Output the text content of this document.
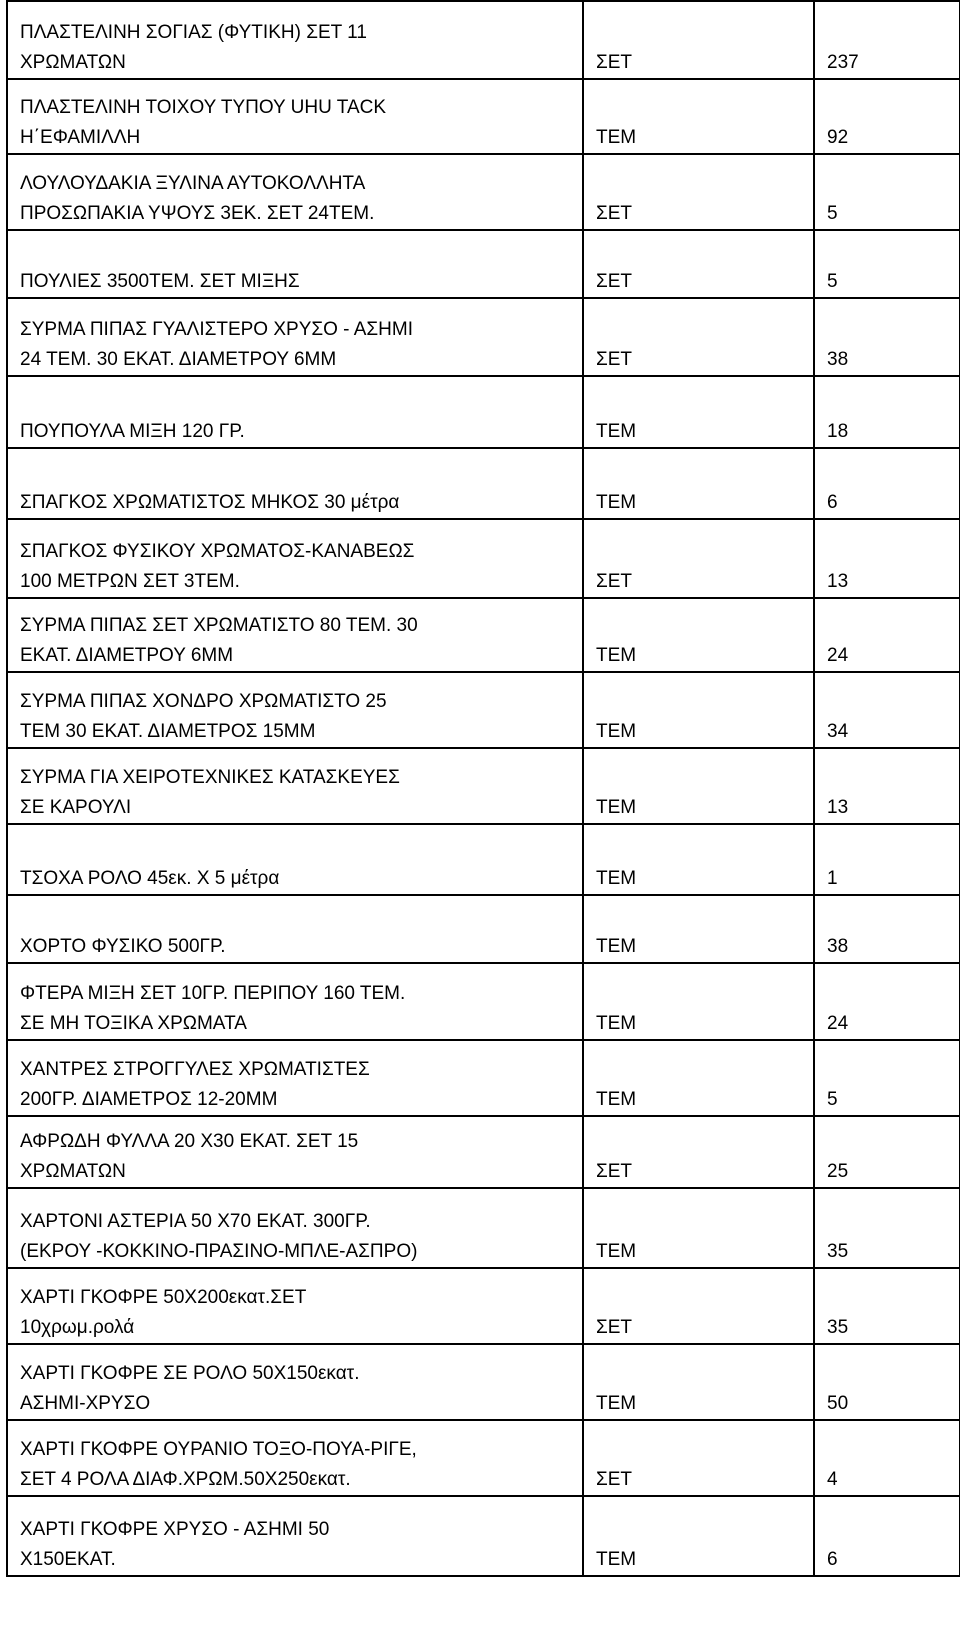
ΠΛΑΣΤΕΛΙΝΗ ΣΟΓΙΑΣ (ΦΥΤΙΚΗ) ΣΕΤ 11
ΧΡΩΜΑΤΩΝ	ΣΕΤ	237

ΠΛΑΣΤΕΛΙΝΗ ΤΟΙΧΟΥ ΤΥΠΟΥ UHU TACK
Η΄ΕΦΑΜΙΛΛΗ	ΤΕΜ	92

ΛΟΥΛΟΥΔΑΚΙΑ ΞΥΛΙΝΑ ΑΥΤΟΚΟΛΛΗΤΑ
ΠΡΟΣΩΠΑΚΙΑ ΥΨΟΥΣ 3ΕΚ. ΣΕΤ 24ΤΕΜ.	ΣΕΤ	5

ΠΟΥΛΙΕΣ 3500ΤΕΜ. ΣΕΤ ΜΙΞΗΣ	ΣΕΤ	5

ΣΥΡΜΑ ΠΙΠΑΣ ΓΥΑΛΙΣΤΕΡΟ ΧΡΥΣΟ - ΑΣΗΜΙ
24 ΤΕΜ. 30 ΕΚΑΤ. ΔΙΑΜΕΤΡΟΥ 6ΜΜ	ΣΕΤ	38

ΠΟΥΠΟΥΛΑ ΜΙΞΗ 120 ΓΡ.	ΤΕΜ	18

ΣΠΑΓΚΟΣ ΧΡΩΜΑΤΙΣΤΟΣ ΜΗΚΟΣ 30 μέτρα	ΤΕΜ	6

ΣΠΑΓΚΟΣ ΦΥΣΙΚΟΥ ΧΡΩΜΑΤΟΣ-ΚΑΝΑΒΕΩΣ
100 ΜΕΤΡΩΝ ΣΕΤ 3ΤΕΜ.	ΣΕΤ	13

ΣΥΡΜΑ ΠΙΠΑΣ ΣΕΤ ΧΡΩΜΑΤΙΣΤΟ 80 ΤΕΜ. 30
ΕΚΑΤ. ΔΙΑΜΕΤΡΟΥ 6ΜΜ	ΤΕΜ	24

ΣΥΡΜΑ ΠΙΠΑΣ ΧΟΝΔΡΟ ΧΡΩΜΑΤΙΣΤΟ 25
ΤΕΜ 30 ΕΚΑΤ. ΔΙΑΜΕΤΡΟΣ 15ΜΜ	ΤΕΜ	34

ΣΥΡΜΑ ΓΙΑ ΧΕΙΡΟΤΕΧΝΙΚΕΣ ΚΑΤΑΣΚΕΥΕΣ
ΣΕ ΚΑΡΟΥΛΙ	ΤΕΜ	13

ΤΣΟΧΑ ΡΟΛΟ 45εκ. Χ 5 μέτρα	ΤΕΜ	1

ΧΟΡΤΟ ΦΥΣΙΚΟ 500ΓΡ.	ΤΕΜ	38

ΦΤΕΡΑ ΜΙΞΗ ΣΕΤ 10ΓΡ. ΠΕΡΙΠΟΥ 160 ΤΕΜ.
ΣΕ ΜΗ ΤΟΞΙΚΑ ΧΡΩΜΑΤΑ	ΤΕΜ	24

ΧΑΝΤΡΕΣ ΣΤΡΟΓΓΥΛΕΣ ΧΡΩΜΑΤΙΣΤΕΣ
200ΓΡ. ΔΙΑΜΕΤΡΟΣ 12-20ΜΜ	ΤΕΜ	5

ΑΦΡΩΔΗ ΦΥΛΛΑ 20 Χ30 ΕΚΑΤ. ΣΕΤ 15
ΧΡΩΜΑΤΩΝ	ΣΕΤ	25

ΧΑΡΤΟΝΙ ΑΣΤΕΡΙΑ 50 Χ70 ΕΚΑΤ. 300ΓΡ.
(ΕΚΡΟΥ -ΚΟΚΚΙΝΟ-ΠΡΑΣΙΝΟ-ΜΠΛΕ-ΑΣΠΡΟ)	ΤΕΜ	35

ΧΑΡΤΙ ΓΚΟΦΡΕ 50Χ200εκατ.ΣΕΤ
10χρωμ.ρολά	ΣΕΤ	35

ΧΑΡΤΙ ΓΚΟΦΡΕ ΣΕ ΡΟΛΟ 50Χ150εκατ.
ΑΣΗΜΙ-ΧΡΥΣΟ	ΤΕΜ	50

ΧΑΡΤΙ ΓΚΟΦΡΕ ΟΥΡΑΝΙΟ ΤΟΞΟ-ΠΟΥΑ-ΡΙΓΕ,
ΣΕΤ 4 ΡΟΛΑ ΔΙΑΦ.ΧΡΩΜ.50Χ250εκατ.	ΣΕΤ	4

ΧΑΡΤΙ ΓΚΟΦΡΕ ΧΡΥΣΟ - ΑΣΗΜΙ 50
Χ150ΕΚΑΤ.	ΤΕΜ	6
